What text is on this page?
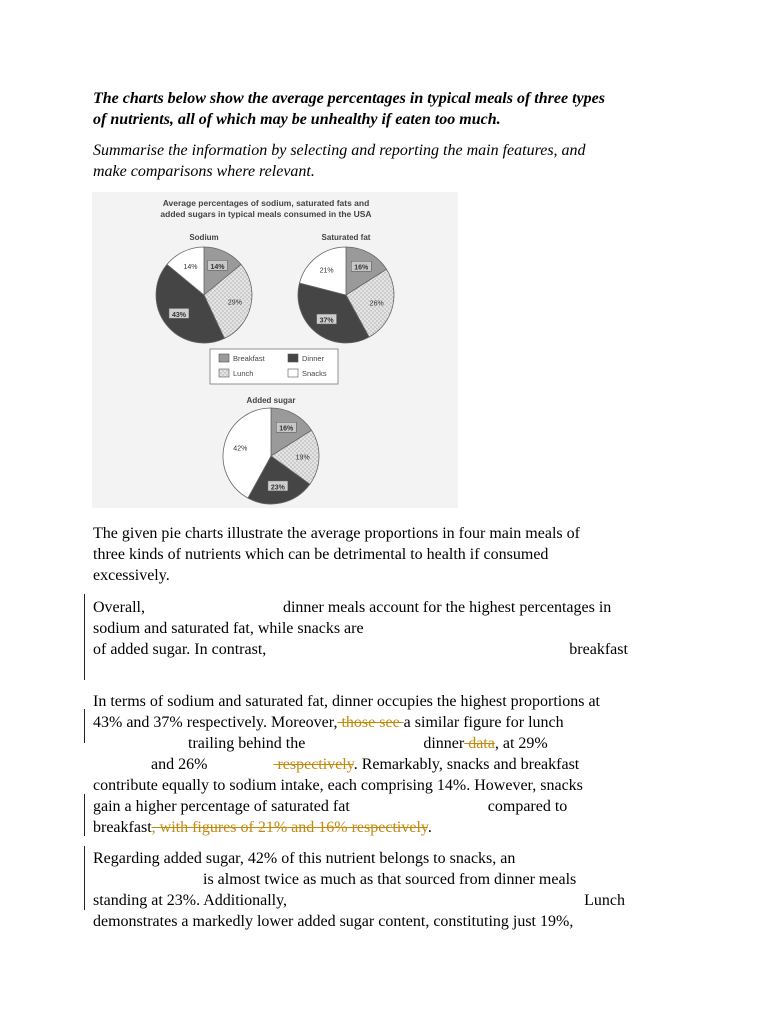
The charts below show the average percentages in typical meals of three types
of nutrients, all of which may be unhealthy if eaten too much.
Summarise the information by selecting and reporting the main features, and
make comparisons where relevant.
Average percentages of sodium, saturated fats and
added sugars in typical meals consumed in the USA
Sodium
14%
29%
43%
14%
Saturated fat
16%
26%
37%
21%
Added sugar
16%
19%
23%
42%
Breakfast
Lunch
Dinner
Snacks
The given pie charts illustrate the average proportions in four main meals of
three kinds of nutrients which can be detrimental to health if consumed
excessively.
Overall,	dinner meals account for the highest percentages in
sodium and saturated fat, while snacks are
of added sugar. In contrast,	breakfast
In terms of sodium and saturated fat, dinner occupies the highest proportions at
43% and 37% respectively. Moreover, those see a similar figure for lunch
trailing behind the	dinner data, at 29%
and 26%	respectively. Remarkably, snacks and breakfast
contribute equally to sodium intake, each comprising 14%. However, snacks
gain a higher percentage of saturated fat	compared to
breakfast, with figures of 21% and 16% respectively.
Regarding added sugar, 42% of this nutrient belongs to snacks, an
is almost twice as much as that sourced from dinner meals
standing at 23%. Additionally,	Lunch
demonstrates a markedly lower added sugar content, constituting just 19%,
